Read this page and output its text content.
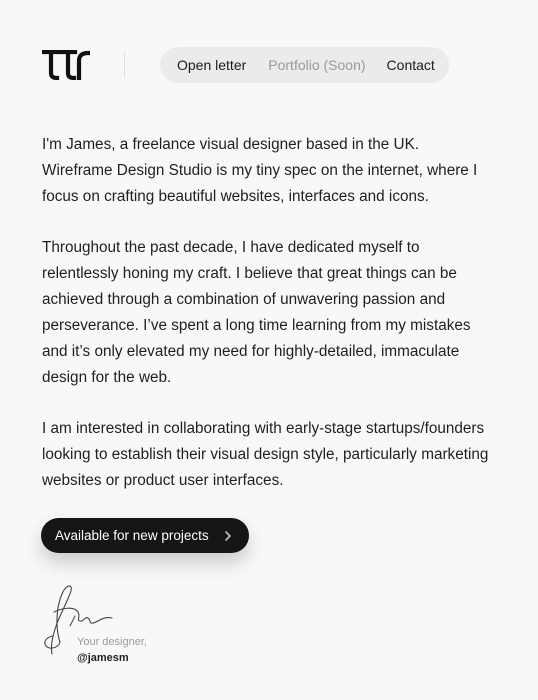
Open letter Portfolio (Soon) Contact

I'm James, a freelance visual designer based in the UK. Wireframe Design Studio is my tiny spec on the internet, where I focus on crafting beautiful websites, interfaces and icons.

Throughout the past decade, I have dedicated myself to relentlessly honing my craft. I believe that great things can be achieved through a combination of unwavering passion and perseverance. I’ve spent a long time learning from my mistakes and it’s only elevated my need for highly-detailed, immaculate design for the web.

I am interested in collaborating with early-stage startups/founders looking to establish their visual design style, particularly marketing websites or product user interfaces.

Available for new projects
Your designer,
@jamesm
